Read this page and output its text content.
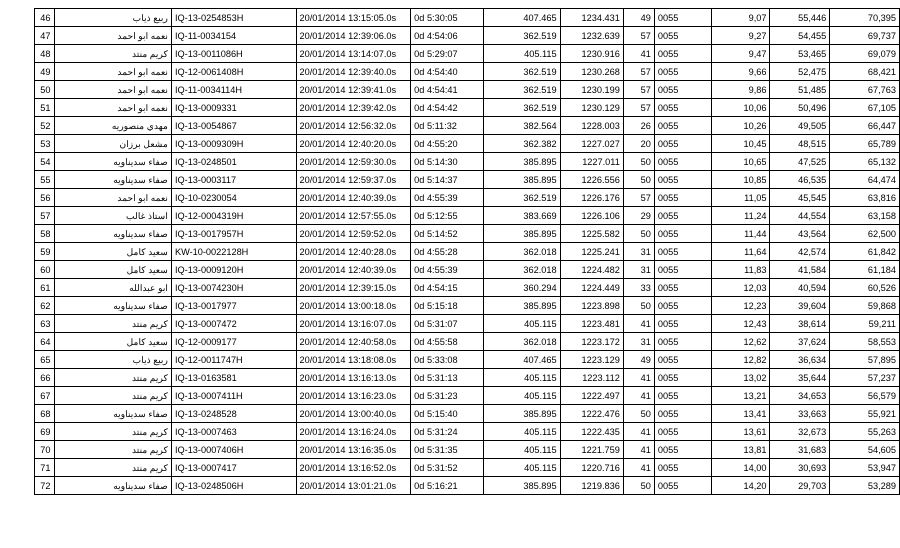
46	ربيع ذياب	IQ-13-0254853H	20/01/2014 13:15:05.0s	0d 5:30:05	407.465	1234.431	49	0055	9,07	55,446	70,395
47	نعمه ابو احمد	IQ-11-0034154	20/01/2014 12:39:06.0s	0d 4:54:06	362.519	1232.639	57	0055	9,27	54,455	69,737
48	كريم منتد	IQ-13-0011086H	20/01/2014 13:14:07.0s	0d 5:29:07	405.115	1230.916	41	0055	9,47	53,465	69,079
49	نعمه ابو احمد	IQ-12-0061408H	20/01/2014 12:39:40.0s	0d 4:54:40	362.519	1230.268	57	0055	9,66	52,475	68,421
50	نعمه ابو احمد	IQ-11-0034114H	20/01/2014 12:39:41.0s	0d 4:54:41	362.519	1230.199	57	0055	9,86	51,485	67,763
51	نعمه ابو احمد	IQ-13-0009331	20/01/2014 12:39:42.0s	0d 4:54:42	362.519	1230.129	57	0055	10,06	50,496	67,105
52	مهدي منصوريه	IQ-13-0054867	20/01/2014 12:56:32.0s	0d 5:11:32	382.564	1228.003	26	0055	10,26	49,505	66,447
53	مشعل برزان	IQ-13-0009309H	20/01/2014 12:40:20.0s	0d 4:55:20	362.382	1227.027	20	0055	10,45	48,515	65,789
54	صفاء سديناويه	IQ-13-0248501	20/01/2014 12:59:30.0s	0d 5:14:30	385.895	1227.011	50	0055	10,65	47,525	65,132
55	صفاء سديناويه	IQ-13-0003117	20/01/2014 12:59:37.0s	0d 5:14:37	385.895	1226.556	50	0055	10,85	46,535	64,474
56	نعمه ابو احمد	IQ-10-0230054	20/01/2014 12:40:39.0s	0d 4:55:39	362.519	1226.176	57	0055	11,05	45,545	63,816
57	استاذ غالب	IQ-12-0004319H	20/01/2014 12:57:55.0s	0d 5:12:55	383.669	1226.106	29	0055	11,24	44,554	63,158
58	صفاء سديناويه	IQ-13-0017957H	20/01/2014 12:59:52.0s	0d 5:14:52	385.895	1225.582	50	0055	11,44	43,564	62,500
59	سعيد كامل	KW-10-0022128H	20/01/2014 12:40:28.0s	0d 4:55:28	362.018	1225.241	31	0055	11,64	42,574	61,842
60	سعيد كامل	IQ-13-0009120H	20/01/2014 12:40:39.0s	0d 4:55:39	362.018	1224.482	31	0055	11,83	41,584	61,184
61	ابو عبدالله	IQ-13-0074230H	20/01/2014 12:39:15.0s	0d 4:54:15	360.294	1224.449	33	0055	12,03	40,594	60,526
62	صفاء سديناويه	IQ-13-0017977	20/01/2014 13:00:18.0s	0d 5:15:18	385.895	1223.898	50	0055	12,23	39,604	59,868
63	كريم منتد	IQ-13-0007472	20/01/2014 13:16:07.0s	0d 5:31:07	405.115	1223.481	41	0055	12,43	38,614	59,211
64	سعيد كامل	IQ-12-0009177	20/01/2014 12:40:58.0s	0d 4:55:58	362.018	1223.172	31	0055	12,62	37,624	58,553
65	ربيع ذياب	IQ-12-0011747H	20/01/2014 13:18:08.0s	0d 5:33:08	407.465	1223.129	49	0055	12,82	36,634	57,895
66	كريم منتد	IQ-13-0163581	20/01/2014 13:16:13.0s	0d 5:31:13	405.115	1223.112	41	0055	13,02	35,644	57,237
67	كريم منتد	IQ-13-0007411H	20/01/2014 13:16:23.0s	0d 5:31:23	405.115	1222.497	41	0055	13,21	34,653	56,579
68	صفاء سديناويه	IQ-13-0248528	20/01/2014 13:00:40.0s	0d 5:15:40	385.895	1222.476	50	0055	13,41	33,663	55,921
69	كريم منتد	IQ-13-0007463	20/01/2014 13:16:24.0s	0d 5:31:24	405.115	1222.435	41	0055	13,61	32,673	55,263
70	كريم منتد	IQ-13-0007406H	20/01/2014 13:16:35.0s	0d 5:31:35	405.115	1221.759	41	0055	13,81	31,683	54,605
71	كريم منتد	IQ-13-0007417	20/01/2014 13:16:52.0s	0d 5:31:52	405.115	1220.716	41	0055	14,00	30,693	53,947
72	صفاء سديناويه	IQ-13-0248506H	20/01/2014 13:01:21.0s	0d 5:16:21	385.895	1219.836	50	0055	14,20	29,703	53,289
